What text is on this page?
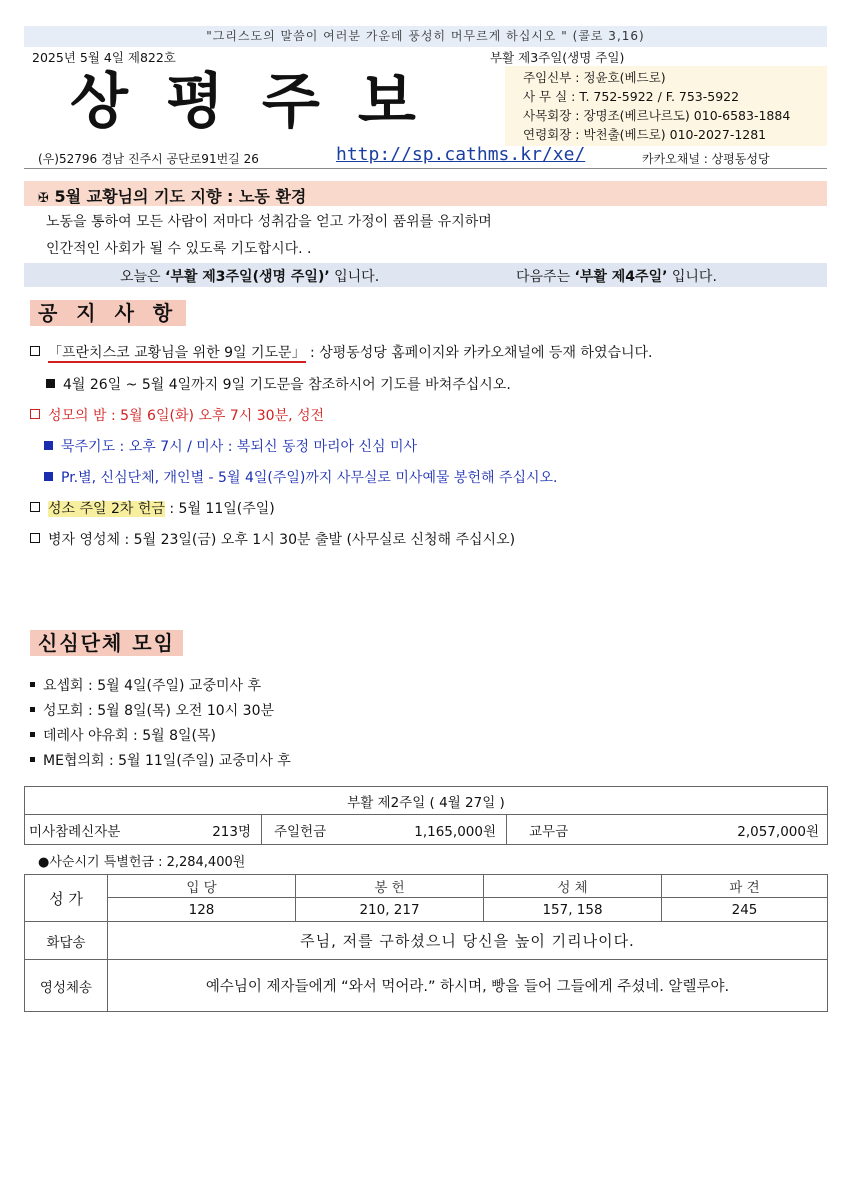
"그리스도의 말씀이 여러분 가운데 풍성히 머무르게 하십시오 " (콜로 3,16)
2025년 5월 4일 제822호	부활 제3주일(생명 주일)
주임신부 : 정윤호(베드로)
사 무 실 : T. 752-5922 / F. 753-5922
사목회장 : 장명조(베르나르도) 010-6583-1884
연령회장 : 박천출(베드로) 010-2027-1281
상평주보
(우)52796 경남 진주시 공단로91번길 26	http://sp.cathms.kr/xe/	카카오채널 : 상평동성당
✠ 5월 교황님의 기도 지향 : 노동 환경
노동을 통하여 모든 사람이 저마다 성취감을 얻고 가정이 품위를 유지하며
인간적인 사회가 될 수 있도록 기도합시다. .
오늘은 ‘부활 제3주일(생명 주일)’ 입니다.	다음주는 ‘부활 제4주일’ 입니다.
공 지 사 항
「프란치스코 교황님을 위한 9일 기도문」 : 상평동성당 홈페이지와 카카오채널에 등재 하였습니다.
4월 26일 ~ 5월 4일까지 9일 기도문을 참조하시어 기도를 바쳐주십시오.
성모의 밤 : 5월 6일(화) 오후 7시 30분, 성전
묵주기도 : 오후 7시 / 미사 : 복되신 동정 마리아 신심 미사
Pr.별, 신심단체, 개인별 - 5월 4일(주일)까지 사무실로 미사예물 봉헌해 주십시오.
성소 주일 2차 헌금 : 5월 11일(주일)
병자 영성체 : 5월 23일(금) 오후 1시 30분 출발 (사무실로 신청해 주십시오)
신심단체 모임
요셉회 : 5월 4일(주일) 교중미사 후
성모회 : 5월 8일(목) 오전 10시 30분
데레사 야유회 : 5월 8일(목)
ME협의회 : 5월 11일(주일) 교중미사 후
부활 제2주일 ( 4월 27일 )
미사참례신자분	213명	주일헌금	1,165,000원	교무금	2,057,000원
●사순시기 특별헌금 : 2,284,400원
성 가	입 당	봉 헌	성 체	파 견
	128	210, 217	157, 158	245
화답송	주님, 저를 구하셨으니 당신을 높이 기리나이다.			
영성체송	예수님이 제자들에게 “와서 먹어라.” 하시며, 빵을 들어 그들에게 주셨네. 알렐루야.			
